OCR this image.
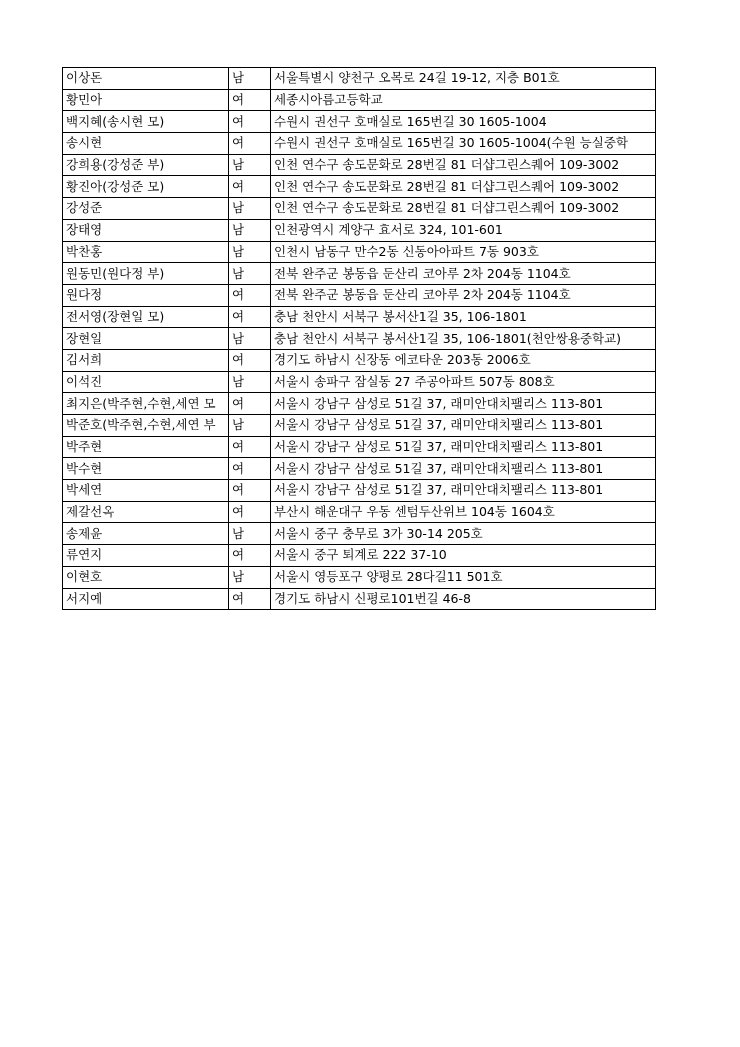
이상돈	남	서울특별시 양천구 오목로 24길 19-12, 지층 B01호
황민아	여	세종시아름고등학교
백지혜(송시현 모)	여	수원시 권선구 호매실로 165번길 30 1605-1004
송시현	여	수원시 권선구 호매실로 165번길 30 1605-1004(수원 능실중학
강희용(강성준 부)	남	인천 연수구 송도문화로 28번길 81 더샵그린스퀘어 109-3002
황진아(강성준 모)	여	인천 연수구 송도문화로 28번길 81 더샵그린스퀘어 109-3002
강성준	남	인천 연수구 송도문화로 28번길 81 더샵그린스퀘어 109-3002
장태영	남	인천광역시 계양구 효서로 324, 101-601
박찬홍	남	인천시 남동구 만수2동 신동아아파트 7동 903호
원동민(원다정 부)	남	전북 완주군 봉동읍 둔산리 코아루 2차 204동 1104호
원다정	여	전북 완주군 봉동읍 둔산리 코아루 2차 204동 1104호
전서영(장현일 모)	여	충남 천안시 서북구 봉서산1길 35, 106-1801
장현일	남	충남 천안시 서북구 봉서산1길 35, 106-1801(천안쌍용중학교)
김서희	여	경기도 하남시 신장동 에코타운 203동 2006호
이석진	남	서울시 송파구 잠실동 27 주공아파트 507동 808호
최지은(박주현,수현,세연 모	여	서울시 강남구 삼성로 51길 37, 래미안대치팰리스 113-801
박준호(박주현,수현,세연 부	남	서울시 강남구 삼성로 51길 37, 래미안대치팰리스 113-801
박주현	여	서울시 강남구 삼성로 51길 37, 래미안대치팰리스 113-801
박수현	여	서울시 강남구 삼성로 51길 37, 래미안대치팰리스 113-801
박세연	여	서울시 강남구 삼성로 51길 37, 래미안대치팰리스 113-801
제갈선옥	여	부산시 해운대구 우동 센텀두산위브 104동 1604호
송제윤	남	서울시 중구 충무로 3가 30-14 205호
류연지	여	서울시 중구 퇴계로 222 37-10
이현호	남	서울시 영등포구 양평로 28다길11 501호
서지예	여	경기도 하남시 신평로101번길 46-8
